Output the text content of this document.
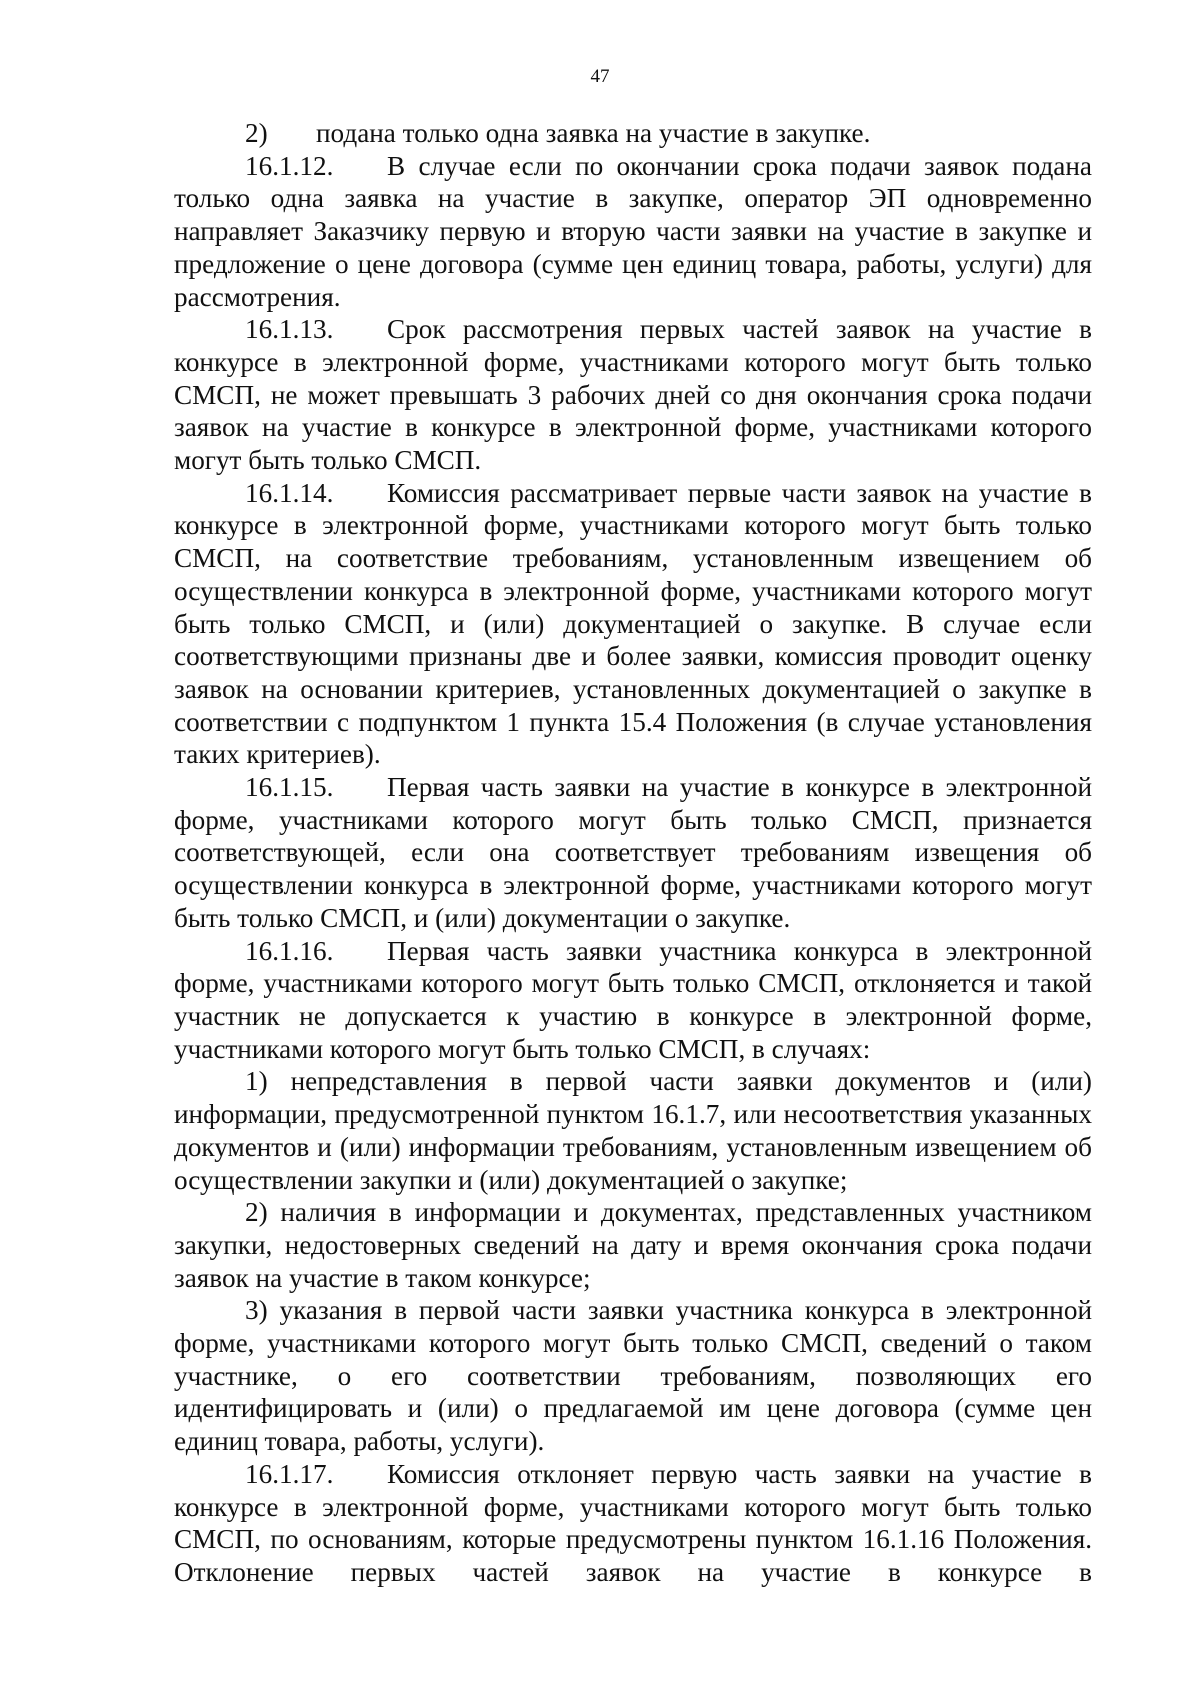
47

2) подана только одна заявка на участие в закупке.

16.1.12. В случае если по окончании срока подачи заявок подана только одна заявка на участие в закупке, оператор ЭП одновременно направляет Заказчику первую и вторую части заявки на участие в закупке и предложение о цене договора (сумме цен единиц товара, работы, услуги) для рассмотрения.

16.1.13. Срок рассмотрения первых частей заявок на участие в конкурсе в электронной форме, участниками которого могут быть только СМСП, не может превышать 3 рабочих дней со дня окончания срока подачи заявок на участие в конкурсе в электронной форме, участниками которого могут быть только СМСП.

16.1.14. Комиссия рассматривает первые части заявок на участие в конкурсе в электронной форме, участниками которого могут быть только СМСП, на соответствие требованиям, установленным извещением об осуществлении конкурса в электронной форме, участниками которого могут быть только СМСП, и (или) документацией о закупке. В случае если соответствующими признаны две и более заявки, комиссия проводит оценку заявок на основании критериев, установленных документацией о закупке в соответствии с подпунктом 1 пункта 15.4 Положения (в случае установления таких критериев).

16.1.15. Первая часть заявки на участие в конкурсе в электронной форме, участниками которого могут быть только СМСП, признается соответствующей, если она соответствует требованиям извещения об осуществлении конкурса в электронной форме, участниками которого могут быть только СМСП, и (или) документации о закупке.

16.1.16. Первая часть заявки участника конкурса в электронной форме, участниками которого могут быть только СМСП, отклоняется и такой участник не допускается к участию в конкурсе в электронной форме, участниками которого могут быть только СМСП, в случаях:

1) непредставления в первой части заявки документов и (или) информации, предусмотренной пунктом 16.1.7, или несоответствия указанных документов и (или) информации требованиям, установленным извещением об осуществлении закупки и (или) документацией о закупке;

2) наличия в информации и документах, представленных участником закупки, недостоверных сведений на дату и время окончания срока подачи заявок на участие в таком конкурсе;

3) указания в первой части заявки участника конкурса в электронной форме, участниками которого могут быть только СМСП, сведений о таком участнике, о его соответствии требованиям, позволяющих его идентифицировать и (или) о предлагаемой им цене договора (сумме цен единиц товара, работы, услуги).

16.1.17. Комиссия отклоняет первую часть заявки на участие в конкурсе в электронной форме, участниками которого могут быть только СМСП, по основаниям, которые предусмотрены пунктом 16.1.16 Положения. Отклонение первых частей заявок на участие в конкурсе в
